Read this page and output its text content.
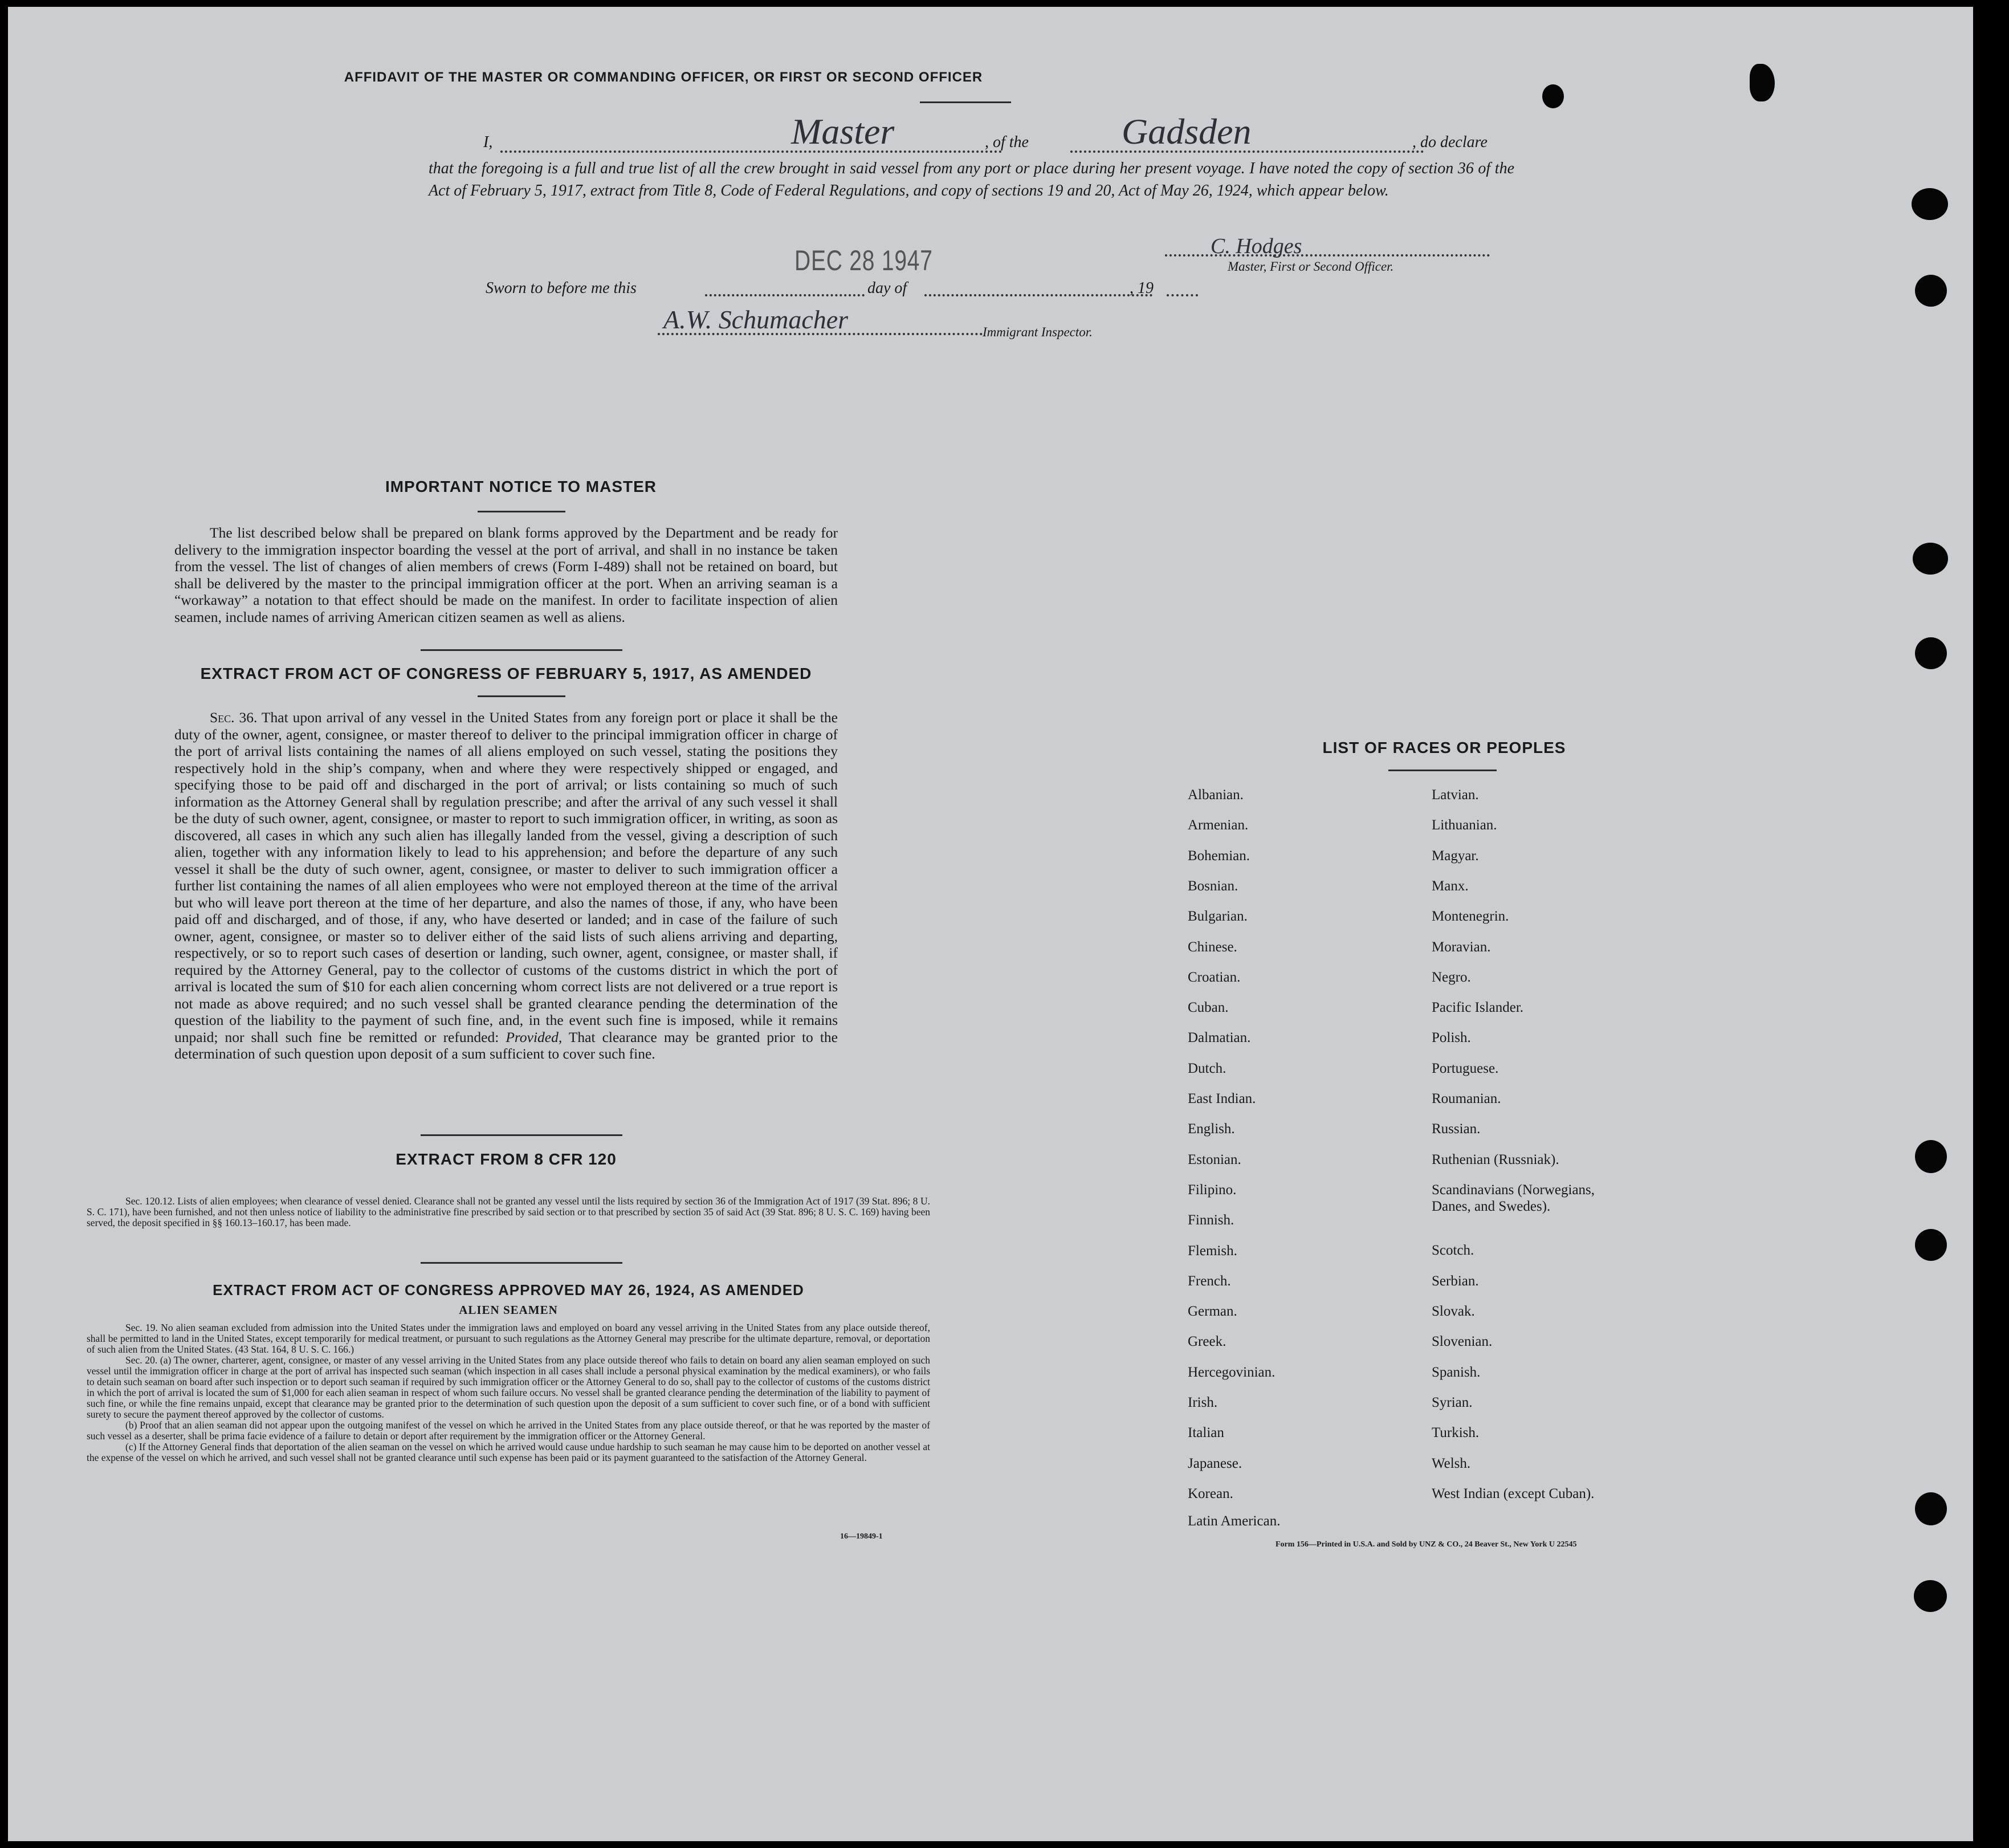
AFFIDAVIT OF THE MASTER OR COMMANDING OFFICER, OR FIRST OR SECOND OFFICER
I,	Master	, of the	Gadsden	, do declare
that the foregoing is a full and true list of all the crew brought in said vessel from any port or place during her present voyage. I have noted the copy of section 36 of the Act of February 5, 1917, extract from Title 8, Code of Federal Regulations, and copy of sections 19 and 20, Act of May 26, 1924, which appear below.
DEC 28 1947	C. Hodges
Master, First or Second Officer.
Sworn to before me this	day of	, 19
A.W. Schumacher	Immigrant Inspector.
IMPORTANT NOTICE TO MASTER
The list described below shall be prepared on blank forms approved by the Department and be ready for delivery to the immigration inspector boarding the vessel at the port of arrival, and shall in no instance be taken from the vessel. The list of changes of alien members of crews (Form I-489) shall not be retained on board, but shall be delivered by the master to the principal immigration officer at the port. When an arriving seaman is a “workaway” a notation to that effect should be made on the manifest. In order to facilitate inspection of alien seamen, include names of arriving American citizen seamen as well as aliens.
EXTRACT FROM ACT OF CONGRESS OF FEBRUARY 5, 1917, AS AMENDED
Sec. 36. That upon arrival of any vessel in the United States from any foreign port or place it shall be the duty of the owner, agent, consignee, or master thereof to deliver to the principal immigration officer in charge of the port of arrival lists containing the names of all aliens employed on such vessel, stating the positions they respectively hold in the ship’s company, when and where they were respectively shipped or engaged, and specifying those to be paid off and discharged in the port of arrival; or lists containing so much of such information as the Attorney General shall by regulation prescribe; and after the arrival of any such vessel it shall be the duty of such owner, agent, consignee, or master to report to such immigration officer, in writing, as soon as discovered, all cases in which any such alien has illegally landed from the vessel, giving a description of such alien, together with any information likely to lead to his apprehension; and before the departure of any such vessel it shall be the duty of such owner, agent, consignee, or master to deliver to such immigration officer a further list containing the names of all alien employees who were not employed thereon at the time of the arrival but who will leave port thereon at the time of her departure, and also the names of those, if any, who have been paid off and discharged, and of those, if any, who have deserted or landed; and in case of the failure of such owner, agent, consignee, or master so to deliver either of the said lists of such aliens arriving and departing, respectively, or so to report such cases of desertion or landing, such owner, agent, consignee, or master shall, if required by the Attorney General, pay to the collector of customs of the customs district in which the port of arrival is located the sum of $10 for each alien concerning whom correct lists are not delivered or a true report is not made as above required; and no such vessel shall be granted clearance pending the determination of the question of the liability to the payment of such fine, and, in the event such fine is imposed, while it remains unpaid; nor shall such fine be remitted or refunded: Provided, That clearance may be granted prior to the determination of such question upon deposit of a sum sufficient to cover such fine.
EXTRACT FROM 8 CFR 120
Sec. 120.12. Lists of alien employees; when clearance of vessel denied. Clearance shall not be granted any vessel until the lists required by section 36 of the Immigration Act of 1917 (39 Stat. 896; 8 U. S. C. 171), have been furnished, and not then unless notice of liability to the administrative fine prescribed by said section or to that prescribed by section 35 of said Act (39 Stat. 896; 8 U. S. C. 169) having been served, the deposit specified in §§ 160.13–160.17, has been made.
EXTRACT FROM ACT OF CONGRESS APPROVED MAY 26, 1924, AS AMENDED
ALIEN SEAMEN
Sec. 19. No alien seaman excluded from admission into the United States under the immigration laws and employed on board any vessel arriving in the United States from any place outside thereof, shall be permitted to land in the United States, except temporarily for medical treatment, or pursuant to such regulations as the Attorney General may prescribe for the ultimate departure, removal, or deportation of such alien from the United States. (43 Stat. 164, 8 U. S. C. 166.)
Sec. 20. (a) The owner, charterer, agent, consignee, or master of any vessel arriving in the United States from any place outside thereof who fails to detain on board any alien seaman employed on such vessel until the immigration officer in charge at the port of arrival has inspected such seaman (which inspection in all cases shall include a personal physical examination by the medical examiners), or who fails to detain such seaman on board after such inspection or to deport such seaman if required by such immigration officer or the Attorney General to do so, shall pay to the collector of customs of the customs district in which the port of arrival is located the sum of $1,000 for each alien seaman in respect of whom such failure occurs. No vessel shall be granted clearance pending the determination of the liability to payment of such fine, or while the fine remains unpaid, except that clearance may be granted prior to the determination of such question upon the deposit of a sum sufficient to cover such fine, or of a bond with sufficient surety to secure the payment thereof approved by the collector of customs.
(b) Proof that an alien seaman did not appear upon the outgoing manifest of the vessel on which he arrived in the United States from any place outside thereof, or that he was reported by the master of such vessel as a deserter, shall be prima facie evidence of a failure to detain or deport after requirement by the immigration officer or the Attorney General.
(c) If the Attorney General finds that deportation of the alien seaman on the vessel on which he arrived would cause undue hardship to such seaman he may cause him to be deported on another vessel at the expense of the vessel on which he arrived, and such vessel shall not be granted clearance until such expense has been paid or its payment guaranteed to the satisfaction of the Attorney General.
16—19849-1
LIST OF RACES OR PEOPLES
Albanian.
Armenian.
Bohemian.
Bosnian.
Bulgarian.
Chinese.
Croatian.
Cuban.
Dalmatian.
Dutch.
East Indian.
English.
Estonian.
Filipino.
Finnish.
Flemish.
French.
German.
Greek.
Hercegovinian.
Irish.
Italian
Japanese.
Korean.
Latin American.
Latvian.
Lithuanian.
Magyar.
Manx.
Montenegrin.
Moravian.
Negro.
Pacific Islander.
Polish.
Portuguese.
Roumanian.
Russian.
Ruthenian (Russniak).
Scandinavians (Norwegians,
Danes, and Swedes).
Scotch.
Serbian.
Slovak.
Slovenian.
Spanish.
Syrian.
Turkish.
Welsh.
West Indian (except Cuban).
Form 156—Printed in U.S.A. and Sold by UNZ & CO., 24 Beaver St., New York U 22545
